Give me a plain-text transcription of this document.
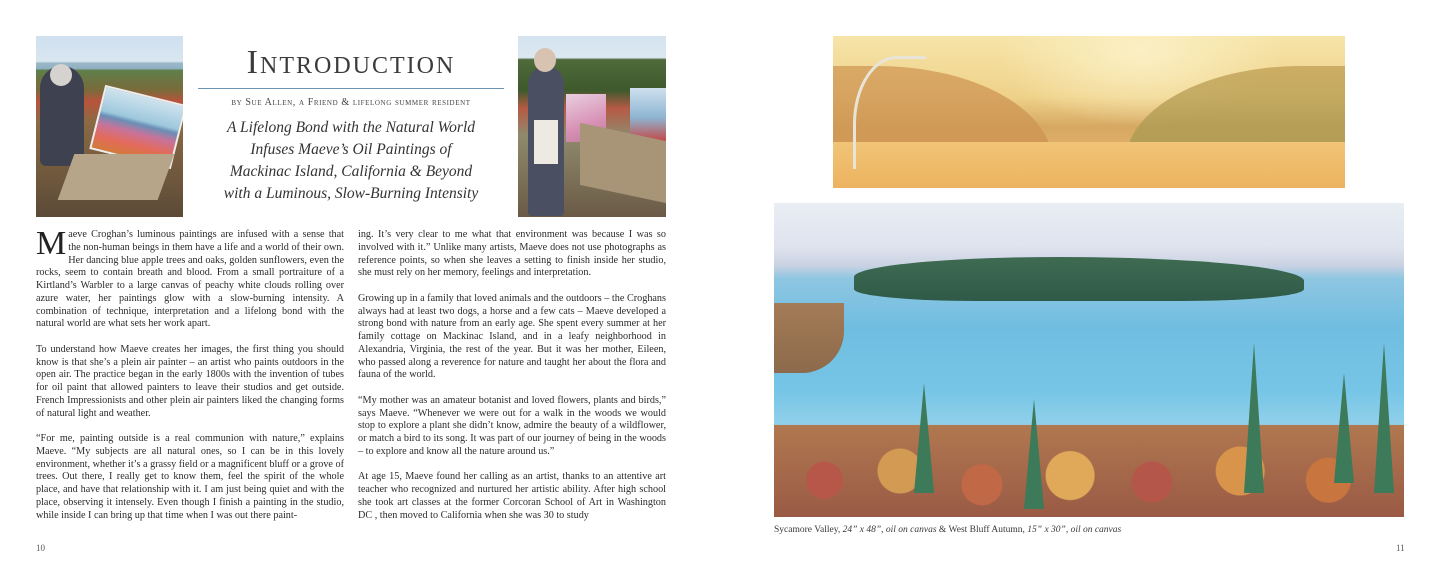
Introduction
by Sue Allen, a Friend & lifelong summer resident
A Lifelong Bond with the Natural World
Infuses Maeve’s Oil Paintings of
Mackinac Island, California & Beyond
with a Luminous, Slow-Burning Intensity

Maeve Croghan’s luminous paintings are infused with a sense that the non-human beings in them have a life and a world of their own. Her dancing blue apple trees and oaks, golden sunflowers, even the rocks, seem to contain breath and blood. From a small portraiture of a Kirtland’s Warbler to a large canvas of peachy white clouds rolling over azure water, her paintings glow with a slow-burning intensity. A combination of technique, interpretation and a lifelong bond with the natural world are what sets her work apart.

To understand how Maeve creates her images, the first thing you should know is that she’s a plein air painter – an artist who paints outdoors in the open air. The practice began in the early 1800s with the invention of tubes for oil paint that allowed painters to leave their studios and get outside. French Impressionists and other plein air painters liked the changing forms of natural light and weather.

“For me, painting outside is a real communion with nature,” explains Maeve. “My subjects are all natural ones, so I can be in this lovely environment, whether it’s a grassy field or a magnificent bluff or a grove of trees. Out there, I really get to know them, feel the spirit of the whole place, and have that relationship with it. I am just being quiet and with the place, observing it intensely. Even though I finish a painting in the studio, while inside I can bring up that time when I was out there paint-

ing. It’s very clear to me what that environment was because I was so involved with it.” Unlike many artists, Maeve does not use photographs as reference points, so when she leaves a setting to finish inside her studio, she must rely on her memory, feelings and interpretation.

Growing up in a family that loved animals and the outdoors – the Croghans always had at least two dogs, a horse and a few cats – Maeve developed a strong bond with nature from an early age. She spent every summer at her family cottage on Mackinac Island, and in a leafy neighborhood in Alexandria, Virginia, the rest of the year. But it was her mother, Eileen, who passed along a reverence for nature and taught her about the flora and fauna of the world.

“My mother was an amateur botanist and loved flowers, plants and birds,” says Maeve. “Whenever we were out for a walk in the woods we would stop to explore a plant she didn’t know, admire the beauty of a wildflower, or match a bird to its song. It was part of our journey of being in the woods – to explore and know all the nature around us.”

At age 15, Maeve found her calling as an artist, thanks to an attentive art teacher who recognized and nurtured her artistic ability. After high school she took art classes at the former Corcoran School of Art in Washington DC , then moved to California when she was 30 to study

10
Sycamore Valley, 24” x 48”, oil on canvas & West Bluff Autumn, 15” x 30”, oil on canvas
11
